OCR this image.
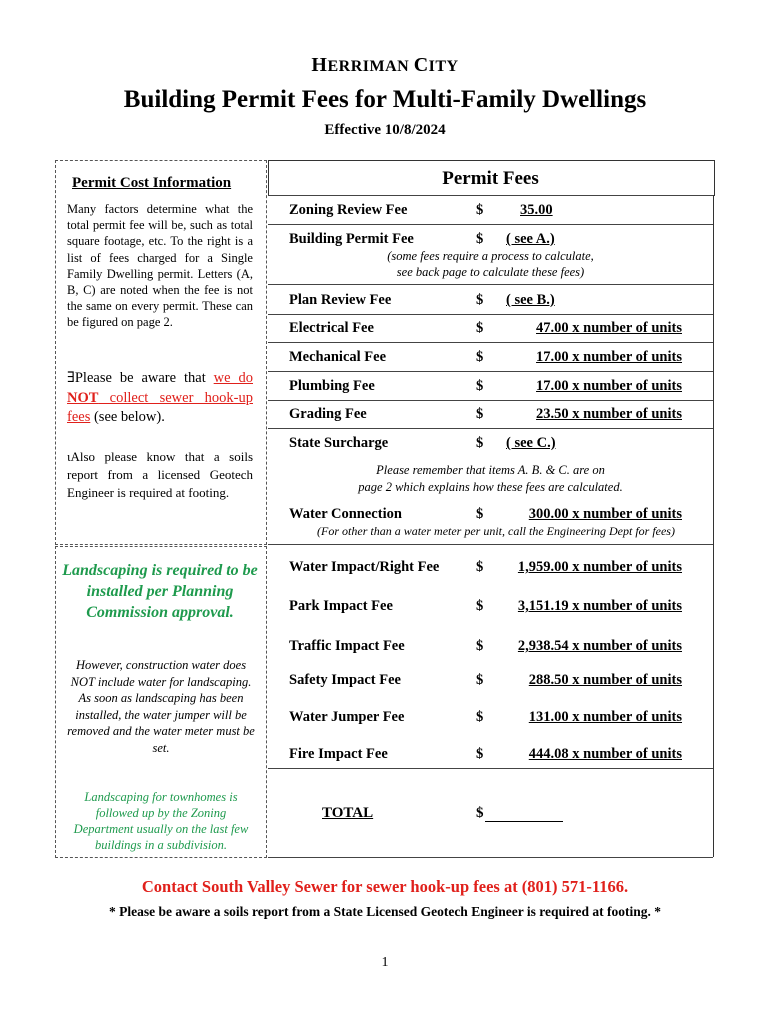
HERRIMAN CITY
Building Permit Fees for Multi-Family Dwellings
Effective 10/8/2024
Permit Cost Information
Many factors determine what the total permit fee will be, such as total square footage, etc. To the right is a list of fees charged for a Single Family Dwelling permit. Letters (A, B, C) are noted when the fee is not the same on every permit. These can be figured on page 2.
∃Please be aware that we do NOT collect sewer hook-up fees (see below).
ιAlso please know that a soils report from a licensed Geotech Engineer is required at footing.
Landscaping is required to be installed per Planning Commission approval.
However, construction water does NOT include water for landscaping. As soon as landscaping has been installed, the water jumper will be removed and the water meter must be set.
Landscaping for townhomes is followed up by the Zoning Department usually on the last few buildings in a subdivision.
Permit Fees
Zoning Review Fee	$	35.00
Building Permit Fee	$ ( see A.)
(some fees require a process to calculate,
see back page to calculate these fees)
Plan Review Fee	$ ( see B.)
Electrical Fee	$	47.00 x number of units
Mechanical Fee	$	17.00 x number of units
Plumbing Fee	$	17.00 x number of units
Grading Fee	$	23.50 x number of units
State Surcharge	$ ( see C.)
Please remember that items A. B. & C. are on
page 2 which explains how these fees are calculated.
Water Connection	$	300.00 x number of units
(For other than a water meter per unit, call the Engineering Dept for fees)
Water Impact/Right Fee	$ 1,959.00 x number of units
Park Impact Fee	$ 3,151.19 x number of units
Traffic Impact Fee	$ 2,938.54 x number of units
Safety Impact Fee	$	288.50 x number of units
Water Jumper Fee	$	131.00 x number of units
Fire Impact Fee	$	444.08 x number of units
TOTAL	$
Contact South Valley Sewer for sewer hook-up fees at (801) 571-1166.
* Please be aware a soils report from a State Licensed Geotech Engineer is required at footing. *
1
